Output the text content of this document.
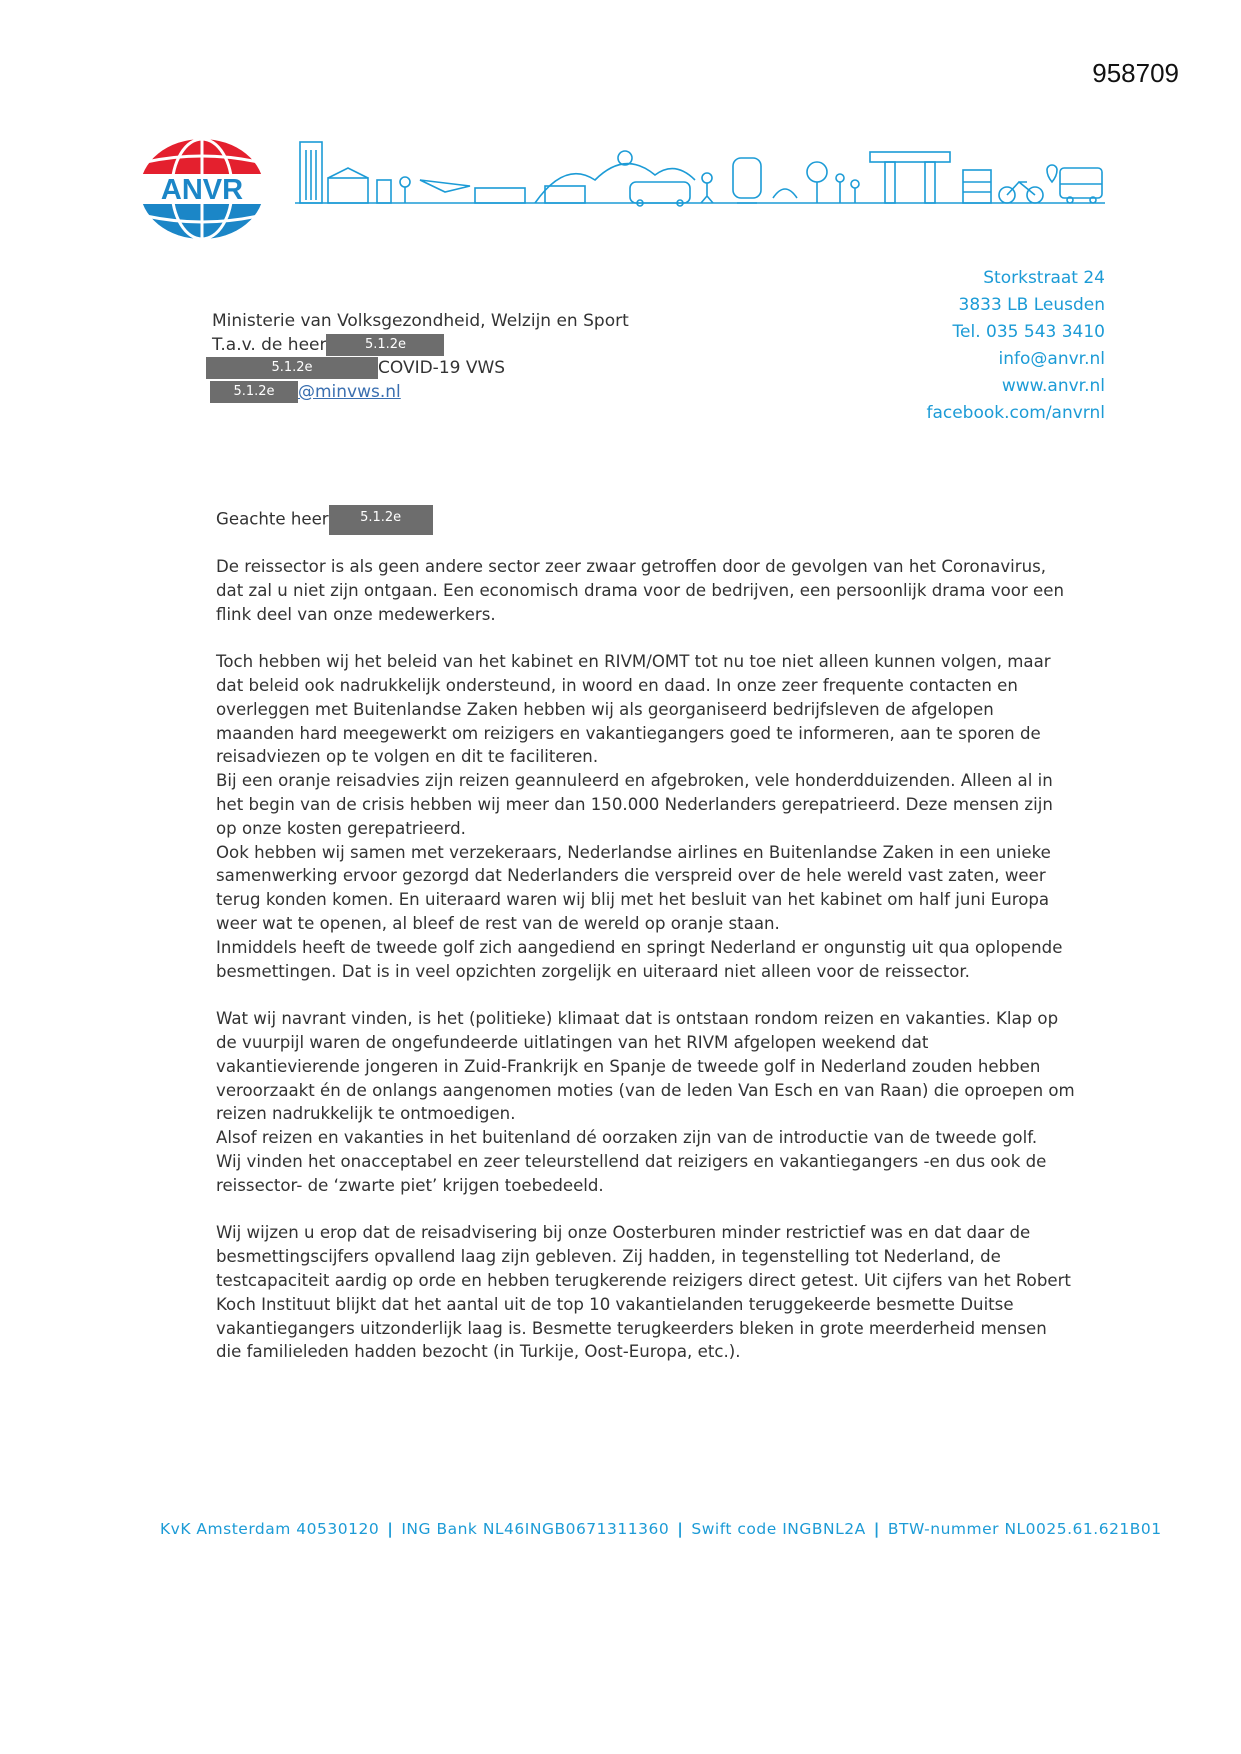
958709
ANVR
Storkstraat 24
3833 LB Leusden
Tel. 035 543 3410
info@anvr.nl
www.anvr.nl
facebook.com/anvrnl
Ministerie van Volksgezondheid, Welzijn en Sport
T.a.v. de heer	5.1.2e
5.1.2e	COVID-19 VWS
5.1.2e @minvws.nl

Geachte heer 5.1.2e

De reissector is als geen andere sector zeer zwaar getroffen door de gevolgen van het Coronavirus, dat zal u niet zijn ontgaan. Een economisch drama voor de bedrijven, een persoonlijk drama voor een flink deel van onze medewerkers.

Toch hebben wij het beleid van het kabinet en RIVM/OMT tot nu toe niet alleen kunnen volgen, maar dat beleid ook nadrukkelijk ondersteund, in woord en daad. In onze zeer frequente contacten en overleggen met Buitenlandse Zaken hebben wij als georganiseerd bedrijfsleven de afgelopen maanden hard meegewerkt om reizigers en vakantiegangers goed te informeren, aan te sporen de reisadviezen op te volgen en dit te faciliteren.
Bij een oranje reisadvies zijn reizen geannuleerd en afgebroken, vele honderdduizenden. Alleen al in het begin van de crisis hebben wij meer dan 150.000 Nederlanders gerepatrieerd. Deze mensen zijn op onze kosten gerepatrieerd.
Ook hebben wij samen met verzekeraars, Nederlandse airlines en Buitenlandse Zaken in een unieke samenwerking ervoor gezorgd dat Nederlanders die verspreid over de hele wereld vast zaten, weer terug konden komen. En uiteraard waren wij blij met het besluit van het kabinet om half juni Europa weer wat te openen, al bleef de rest van de wereld op oranje staan.
Inmiddels heeft de tweede golf zich aangediend en springt Nederland er ongunstig uit qua oplopende besmettingen. Dat is in veel opzichten zorgelijk en uiteraard niet alleen voor de reissector.

Wat wij navrant vinden, is het (politieke) klimaat dat is ontstaan rondom reizen en vakanties. Klap op de vuurpijl waren de ongefundeerde uitlatingen van het RIVM afgelopen weekend dat vakantievierende jongeren in Zuid-Frankrijk en Spanje de tweede golf in Nederland zouden hebben veroorzaakt én de onlangs aangenomen moties (van de leden Van Esch en van Raan) die oproepen om reizen nadrukkelijk te ontmoedigen.
Alsof reizen en vakanties in het buitenland dé oorzaken zijn van de introductie van de tweede golf.
Wij vinden het onacceptabel en zeer teleurstellend dat reizigers en vakantiegangers -en dus ook de reissector- de ‘zwarte piet’ krijgen toebedeeld.

Wij wijzen u erop dat de reisadvisering bij onze Oosterburen minder restrictief was en dat daar de besmettingscijfers opvallend laag zijn gebleven. Zij hadden, in tegenstelling tot Nederland, de testcapaciteit aardig op orde en hebben terugkerende reizigers direct getest. Uit cijfers van het Robert Koch Instituut blijkt dat het aantal uit de top 10 vakantielanden teruggekeerde besmette Duitse vakantiegangers uitzonderlijk laag is. Besmette terugkeerders bleken in grote meerderheid mensen die familieleden hadden bezocht (in Turkije, Oost-Europa, etc.).

KvK Amsterdam 40530120 | ING Bank NL46INGB0671311360 | Swift code INGBNL2A | BTW-nummer NL0025.61.621B01
